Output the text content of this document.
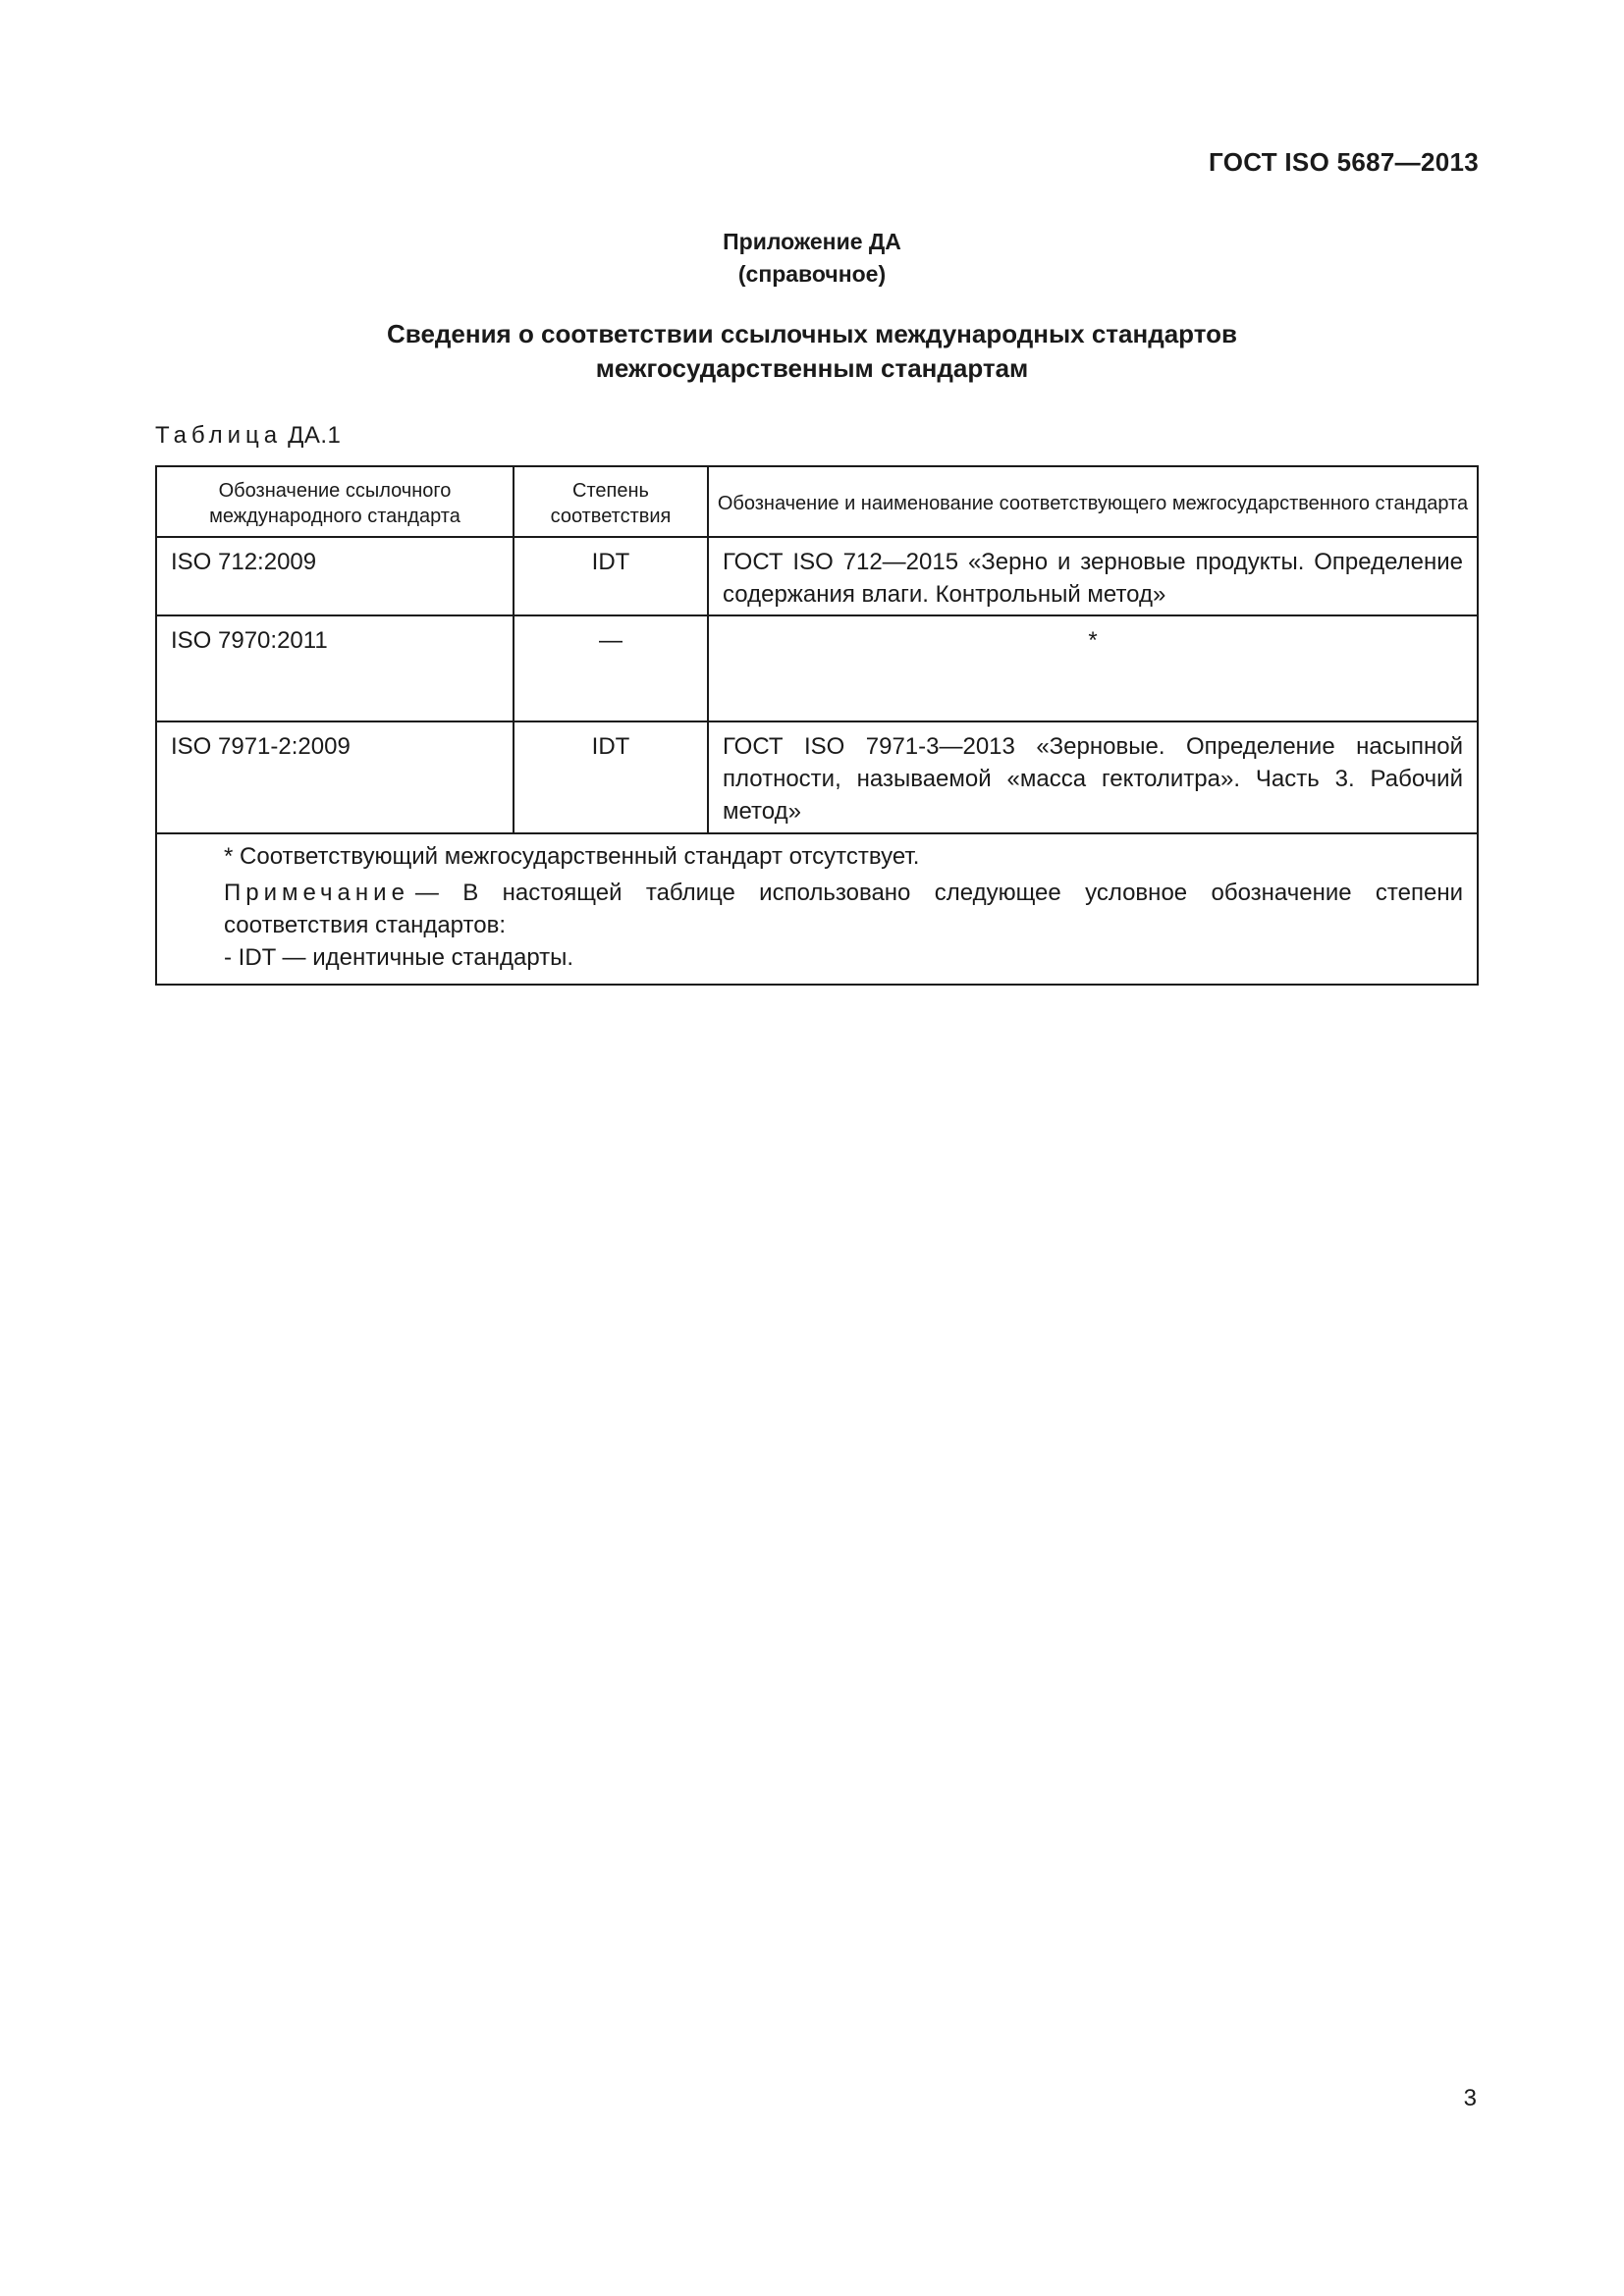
ГОСТ ISO 5687—2013
Приложение ДА
(справочное)
Сведения о соответствии ссылочных международных стандартов
межгосударственным стандартам
Таблица ДА.1
Обозначение ссылочного международного стандарта	Степень соответствия	Обозначение и наименование соответствующего межгосударственного стандарта
ISO 712:2009	IDT	ГОСТ ISO 712—2015 «Зерно и зерновые продукты. Определение содержания влаги. Контрольный метод»
ISO 7970:2011	—	*
ISO 7971-2:2009	IDT	ГОСТ ISO 7971-3—2013 «Зерновые. Определение насыпной плотности, называемой «масса гектолитра». Часть 3. Рабочий метод»

* Соответствующий межгосударственный стандарт отсутствует.
Примечание — В настоящей таблице использовано следующее условное обозначение степени соответствия стандартов:
- IDT — идентичные стандарты.		
3
